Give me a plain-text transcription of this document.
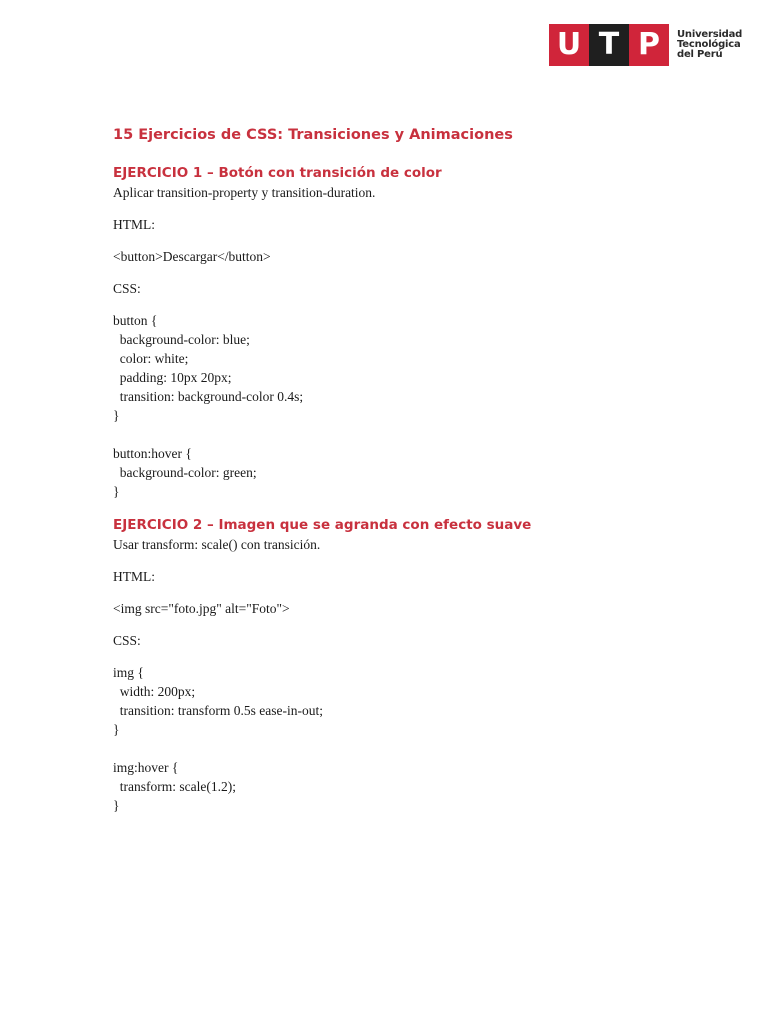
U T P	Universidad
Tecnológica
del Perú
15 Ejercicios de CSS: Transiciones y Animaciones
EJERCICIO 1 – Botón con transición de color

Aplicar transition-property y transition-duration.

HTML:

<button>Descargar</button>

CSS:

button {

background-color: blue;

color: white;

padding: 10px 20px;

transition: background-color 0.4s;

}

button:hover {

background-color: green;

}

EJERCICIO 2 – Imagen que se agranda con efecto suave

Usar transform: scale() con transición.

HTML:

<img src="foto.jpg" alt="Foto">

CSS:

img {

width: 200px;

transition: transform 0.5s ease-in-out;

}

img:hover {

transform: scale(1.2);

}
